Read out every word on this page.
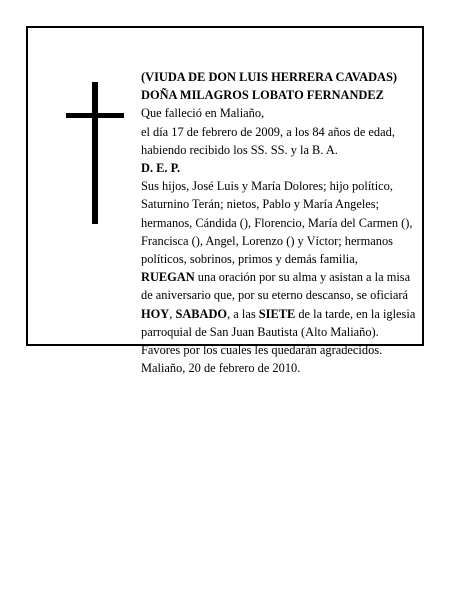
(VIUDA DE DON LUIS HERRERA CAVADAS)
DOÑA MILAGROS LOBATO FERNANDEZ
Que falleció en Maliaño,
el día 17 de febrero de 2009, a los 84 años de edad,
habiendo recibido los SS. SS. y la B. A.
D. E. P.
Sus hijos, José Luis y María Dolores; hijo político,
Saturnino Terán; nietos, Pablo y María Angeles;
hermanos, Cándida (), Florencio, María del Carmen (),
Francisca (), Angel, Lorenzo () y Víctor; hermanos
políticos, sobrinos, primos y demás familia,
RUEGAN una oración por su alma y asistan a la misa
de aniversario que, por su eterno descanso, se oficiará
HOY, SABADO, a las SIETE de la tarde, en la iglesia
parroquial de San Juan Bautista (Alto Maliaño).
Favores por los cuales les quedarán agradecidos.
Maliaño, 20 de febrero de 2010.
